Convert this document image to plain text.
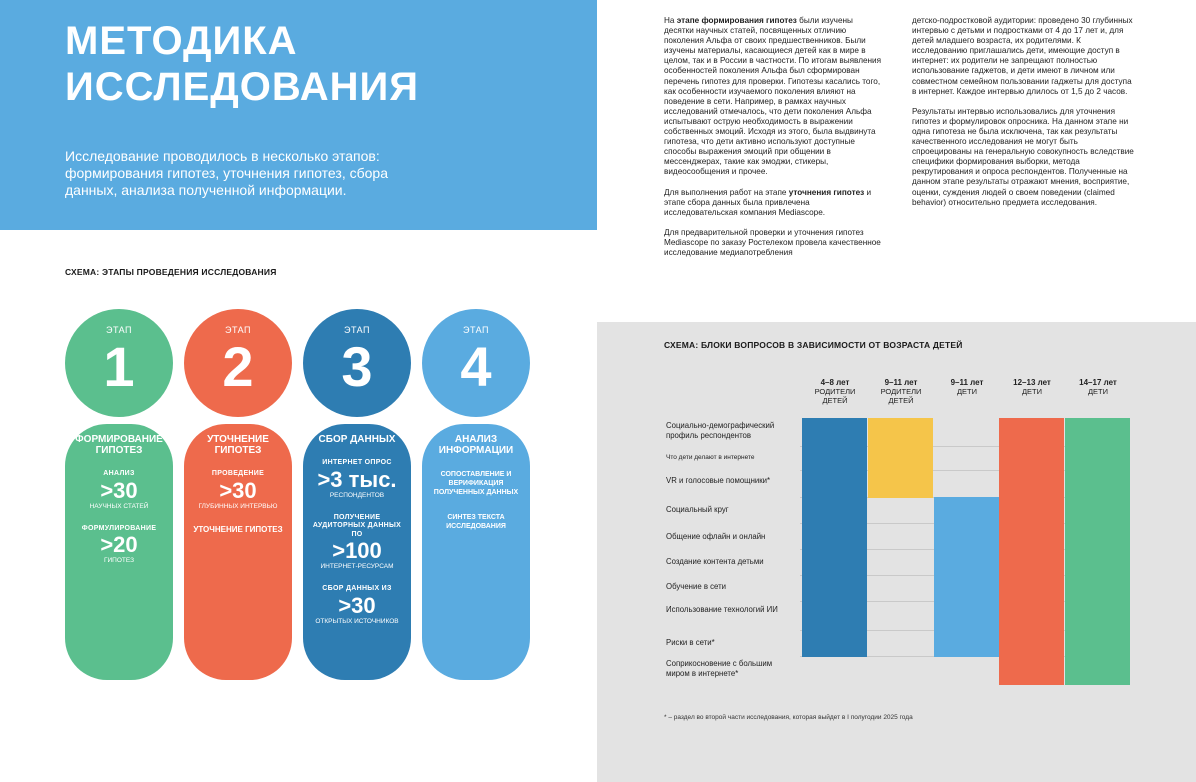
МЕТОДИКА
ИССЛЕДОВАНИЯ
Исследование проводилось в несколько этапов: формирования гипотез, уточнения гипотез, сбора данных, анализа полученной информации.
СХЕМА: ЭТАПЫ ПРОВЕДЕНИЯ ИССЛЕДОВАНИЯ
ЭТАП
1
ФОРМИРОВАНИЕ ГИПОТЕЗ
АНАЛИЗ
>30
НАУЧНЫХ СТАТЕЙ
ФОРМУЛИРОВАНИЕ
>20
ГИПОТЕЗ
ЭТАП
2
УТОЧНЕНИЕ ГИПОТЕЗ
ПРОВЕДЕНИЕ
>30
ГЛУБИННЫХ ИНТЕРВЬЮ
УТОЧНЕНИЕ ГИПОТЕЗ
ЭТАП
3
СБОР ДАННЫХ
ИНТЕРНЕТ ОПРОС
>3 тыс.
РЕСПОНДЕНТОВ
ПОЛУЧЕНИЕ АУДИТОРНЫХ ДАННЫХ ПО
>100
ИНТЕРНЕТ-РЕСУРСАМ
СБОР ДАННЫХ ИЗ
>30
ОТКРЫТЫХ ИСТОЧНИКОВ
ЭТАП
4
АНАЛИЗ ИНФОРМАЦИИ
СОПОСТАВЛЕНИЕ И ВЕРИФИКАЦИЯ ПОЛУЧЕННЫХ ДАННЫХ
СИНТЕЗ ТЕКСТА ИССЛЕДОВАНИЯ

На этапе формирования гипотез были изучены десятки научных статей, посвященных отличию поколения Альфа от своих предшественников. Были изучены материалы, касающиеся детей как в мире в целом, так и в России в частности. По итогам выявления особенностей поколения Альфа был сформирован перечень гипотез для проверки. Гипотезы касались того, как особенности изучаемого поколения влияют на поведение в сети. Например, в рамках научных исследований отмечалось, что дети поколения Альфа испытывают острую необходимость в выражении собственных эмоций. Исходя из этого, была выдвинута гипотеза, что дети активно используют доступные способы выражения эмоций при общении в мессенджерах, такие как эмоджи, стикеры, видеосообщения и прочее.

Для выполнения работ на этапе уточнения гипотез и этапе сбора данных была привлечена исследовательская компания Mediascope.

Для предварительной проверки и уточнения гипотез Mediascope по заказу Ростелеком провела качественное исследование медиапотребления

детско-подростковой аудитории: проведено 30 глубинных интервью с детьми и подростками от 4 до 17 лет и, для детей младшего возраста, их родителями. К исследованию приглашались дети, имеющие доступ в интернет: их родители не запрещают полностью использование гаджетов, и дети имеют в личном или совместном семейном пользовании гаджеты для доступа в интернет. Каждое интервью длилось от 1,5 до 2 часов.

Результаты интервью использовались для уточнения гипотез и формулировок опросника. На данном этапе ни одна гипотеза не была исключена, так как результаты качественного исследования не могут быть спроецированы на генеральную совокупность вследствие специфики формирования выборки, метода рекрутирования и опроса респондентов. Полученные на данном этапе результаты отражают мнения, восприятие, оценки, суждения людей о своем поведении (claimed behavior) относительно предмета исследования.

СХЕМА: БЛОКИ ВОПРОСОВ В ЗАВИСИМОСТИ ОТ ВОЗРАСТА ДЕТЕЙ
4–8 лет
РОДИТЕЛИ ДЕТЕЙ
9–11 лет
РОДИТЕЛИ ДЕТЕЙ
9–11 лет
ДЕТИ
12–13 лет
ДЕТИ
14–17 лет
ДЕТИ
Социально-демографический профиль респондентов
Что дети делают в интернете
VR и голосовые помощники*
Социальный круг
Общение офлайн и онлайн
Создание контента детьми
Обучение в сети
Использование технологий ИИ
Риски в сети*
Соприкосновение с большим миром в интернете*
* – раздел во второй части исследования, которая выйдет в I полугодии 2025 года
